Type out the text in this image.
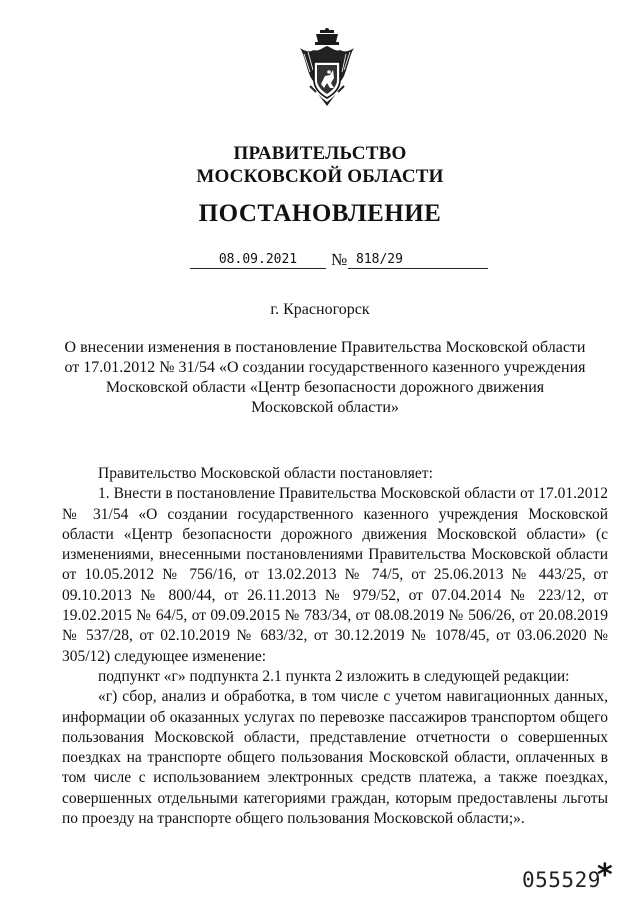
ПРАВИТЕЛЬСТВО
МОСКОВСКОЙ ОБЛАСТИ
ПОСТАНОВЛЕНИЕ
08.09.2021	№ 818/29
г. Красногорск
О внесении изменения в постановление Правительства Московской области
от 17.01.2012 № 31/54 «О создании государственного казенного учреждения
Московской области «Центр безопасности дорожного движения
Московской области»

Правительство Московской области постановляет:

1. Внести в постановление Правительства Московской области от 17.01.2012 № 31/54 «О создании государственного казенного учреждения Московской области «Центр безопасности дорожного движения Московской области» (с изменениями, внесенными постановлениями Правительства Московской области от 10.05.2012 № 756/16, от 13.02.2013 № 74/5, от 25.06.2013 № 443/25, от 09.10.2013 № 800/44, от 26.11.2013 № 979/52, от 07.04.2014 № 223/12, от 19.02.2015 № 64/5, от 09.09.2015 № 783/34, от 08.08.2019 № 506/26, от 20.08.2019 № 537/28, от 02.10.2019 № 683/32, от 30.12.2019 № 1078/45, от 03.06.2020 № 305/12) следующее изменение:

подпункт «г» подпункта 2.1 пункта 2 изложить в следующей редакции:

«г) сбор, анализ и обработка, в том числе с учетом навигационных данных, информации об оказанных услугах по перевозке пассажиров транспортом общего пользования Московской области, представление отчетности о совершенных поездках на транспорте общего пользования Московской области, оплаченных в том числе с использованием электронных средств платежа, а также поездках, совершенных отдельными категориями граждан, которым предоставлены льготы по проезду на транспорте общего пользования Московской области;».

055529
*
